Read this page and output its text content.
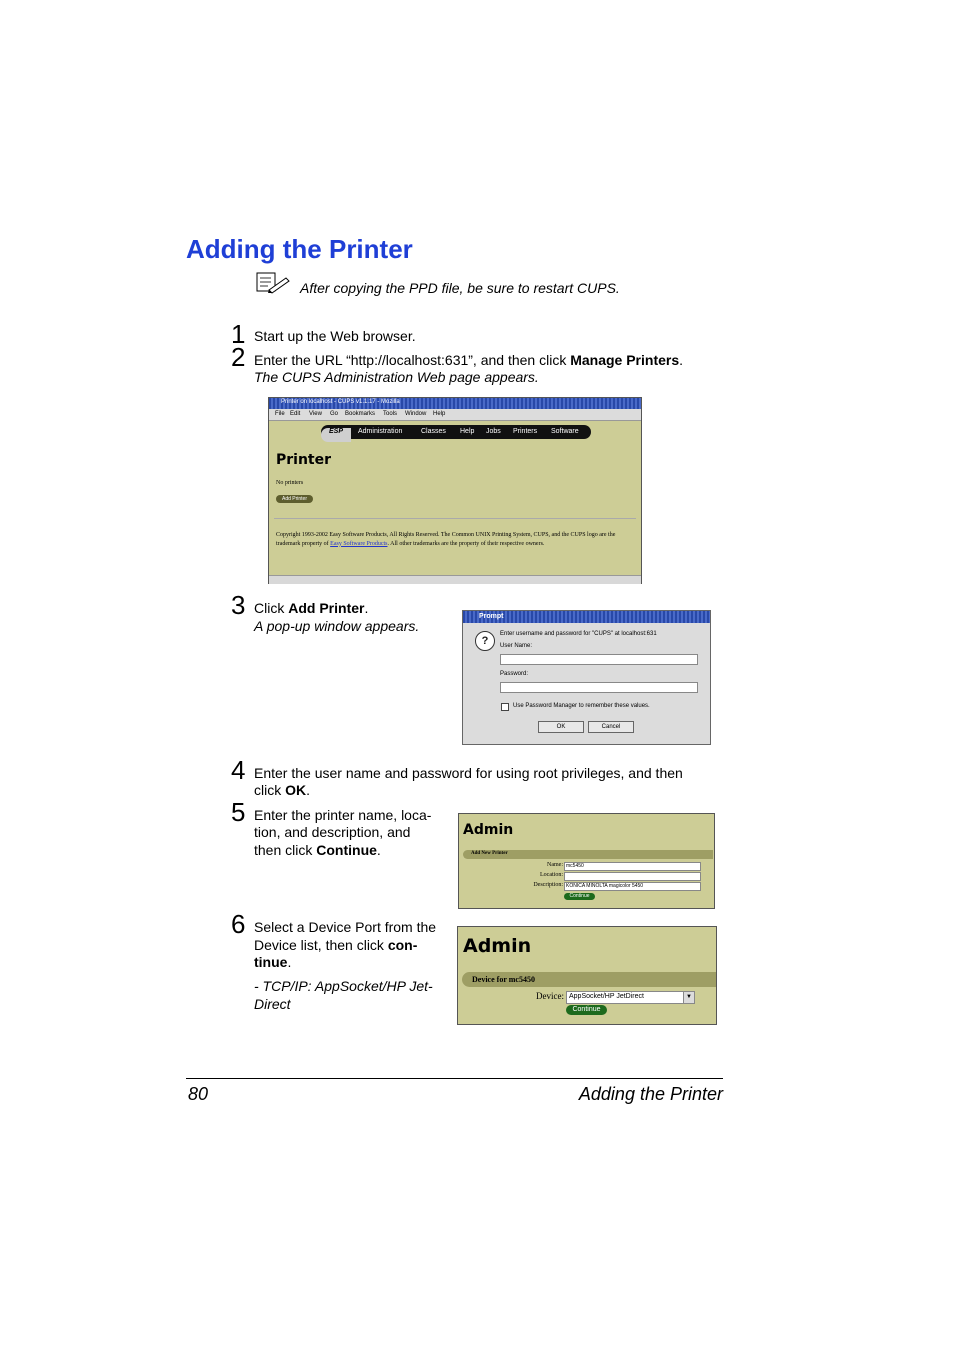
Adding the Printer
After copying the PPD file, be sure to restart CUPS.
1 Start up the Web browser.
2 Enter the URL “http://localhost:631”, and then click Manage Printers.
The CUPS Administration Web page appears.
Printer on localhost - CUPS v1.1.17 - Mozilla
File Edit View Go Bookmarks Tools Window Help
ESP	Administration	Classes Help Jobs Printers Software
Printer
No printers
Add Printer
Copyright 1993-2002 Easy Software Products, All Rights Reserved. The Common UNIX Printing System, CUPS, and the CUPS logo are the trademark property of Easy Software Products. All other trademarks are the property of their respective owners.
3 Click Add Printer.
A pop-up window appears.
Prompt
?
Enter username and password for "CUPS" at localhost:631
User Name:
Password:
Use Password Manager to remember these values.
OK	Cancel
4 Enter the user name and password for using root privileges, and then
click OK.
5 Enter the printer name, loca-
tion, and description, and
then click Continue.
Admin
Add New Printer
Name: mc5450
Location:
Description: KONICA MINOLTA magicolor 5450
Continue
6 Select a Device Port from the
Device list, then click con-
tinue.
- TCP/IP: AppSocket/HP Jet-
Direct
Admin
Device for mc5450
Device: AppSocket/HP JetDirect	▼
Continue
80	Adding the Printer
